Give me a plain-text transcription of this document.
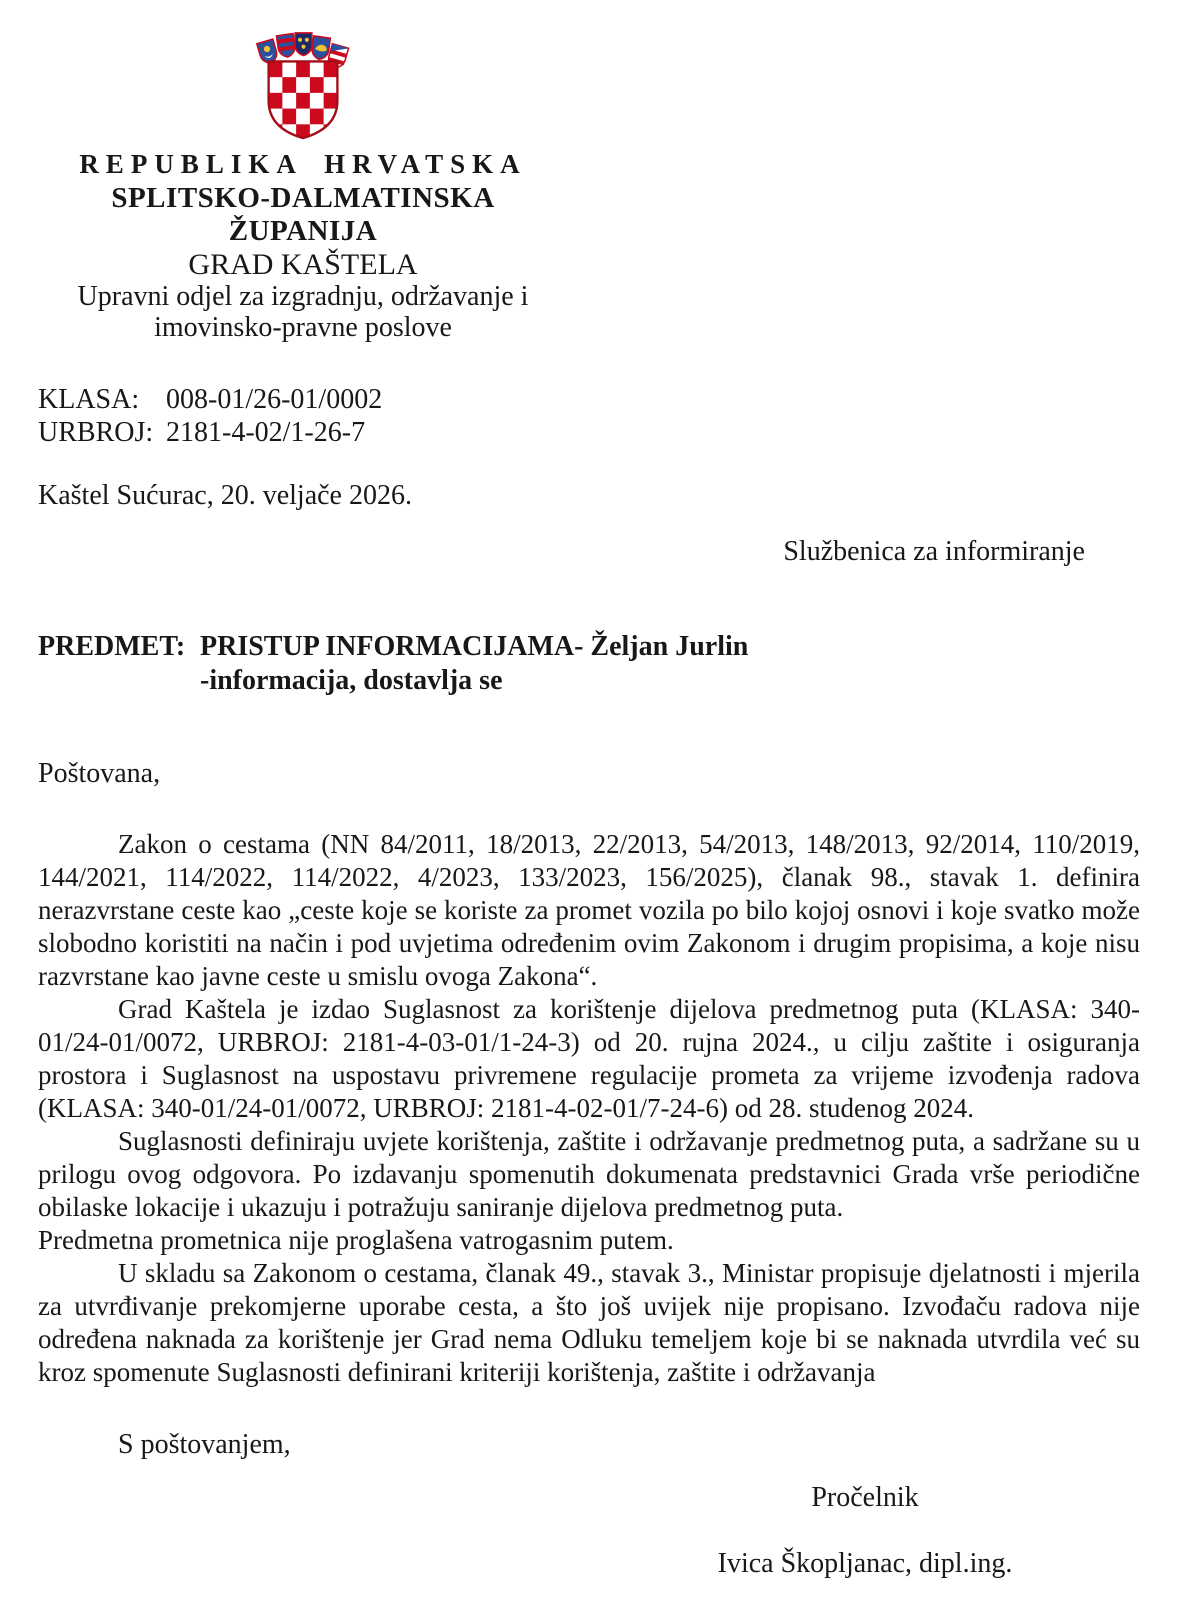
REPUBLIKA HRVATSKA
SPLITSKO-DALMATINSKA ŽUPANIJA
GRAD KAŠTELA
Upravni odjel za izgradnju, održavanje i
imovinsko-pravne poslove
KLASA: 008-01/26-01/0002
URBROJ: 2181-4-02/1-26-7
Kaštel Sućurac, 20. veljače 2026.
Službenica za informiranje
PREDMET: PRISTUP INFORMACIJAMA- Željan Jurlin
-informacija, dostavlja se

Poštovana,

Zakon o cestama (NN 84/2011, 18/2013, 22/2013, 54/2013, 148/2013, 92/2014, 110/2019, 144/2021, 114/2022, 114/2022, 4/2023, 133/2023, 156/2025), članak 98., stavak 1. definira nerazvrstane ceste kao „ceste koje se koriste za promet vozila po bilo kojoj osnovi i koje svatko može slobodno koristiti na način i pod uvjetima određenim ovim Zakonom i drugim propisima, a koje nisu razvrstane kao javne ceste u smislu ovoga Zakona“.

Grad Kaštela je izdao Suglasnost za korištenje dijelova predmetnog puta (KLASA: 340-01/24-01/0072, URBROJ: 2181-4-03-01/1-24-3) od 20. rujna 2024., u cilju zaštite i osiguranja prostora i Suglasnost na uspostavu privremene regulacije prometa za vrijeme izvođenja radova (KLASA: 340-01/24-01/0072, URBROJ: 2181-4-02-01/7-24-6) od 28. studenog 2024.

Suglasnosti definiraju uvjete korištenja, zaštite i održavanje predmetnog puta, a sadržane su u prilogu ovog odgovora. Po izdavanju spomenutih dokumenata predstavnici Grada vrše periodične obilaske lokacije i ukazuju i potražuju saniranje dijelova predmetnog puta.

Predmetna prometnica nije proglašena vatrogasnim putem.

U skladu sa Zakonom o cestama, članak 49., stavak 3., Ministar propisuje djelatnosti i mjerila za utvrđivanje prekomjerne uporabe cesta, a što još uvijek nije propisano. Izvođaču radova nije određena naknada za korištenje jer Grad nema Odluku temeljem koje bi se naknada utvrdila već su kroz spomenute Suglasnosti definirani kriteriji korištenja, zaštite i održavanja

S poštovanjem,

Pročelnik
Ivica Škopljanac, dipl.ing.
